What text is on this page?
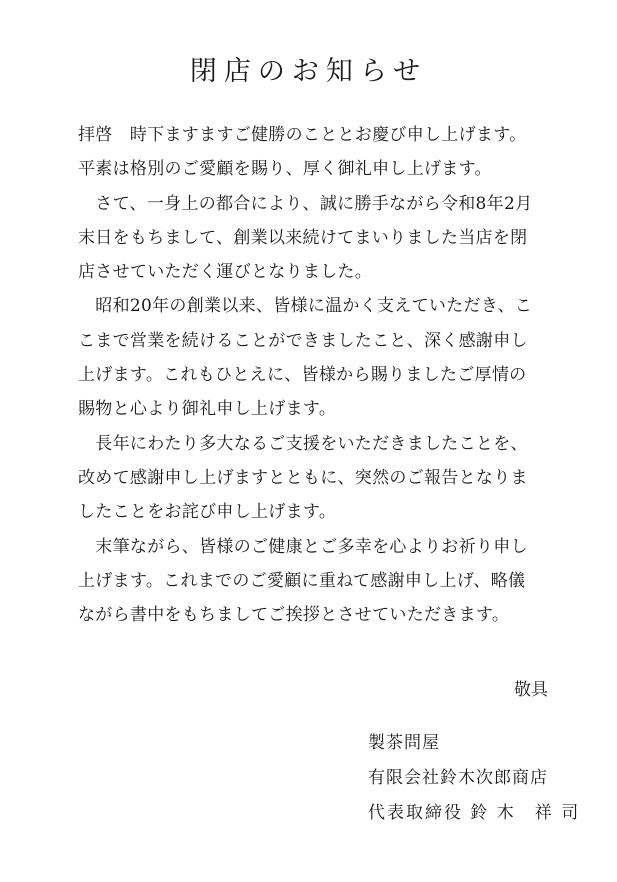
閉店のお知らせ
拝啓　時下ますますご健勝のこととお慶び申し上げます。
平素は格別のご愛顧を賜り、厚く御礼申し上げます。
　さて、一身上の都合により、誠に勝手ながら令和8年2月
末日をもちまして、創業以来続けてまいりました当店を閉
店させていただく運びとなりました。
　昭和20年の創業以来、皆様に温かく支えていただき、こ
こまで営業を続けることができましたこと、深く感謝申し
上げます。これもひとえに、皆様から賜りましたご厚情の
賜物と心より御礼申し上げます。
　長年にわたり多大なるご支援をいただきましたことを、
改めて感謝申し上げますとともに、突然のご報告となりま
したことをお詫び申し上げます。
　末筆ながら、皆様のご健康とご多幸を心よりお祈り申し
上げます。これまでのご愛顧に重ねて感謝申し上げ、略儀
ながら書中をもちましてご挨拶とさせていただきます。
敬具
製茶問屋
有限会社鈴木次郎商店
代表取締役 鈴 木　祥 司
